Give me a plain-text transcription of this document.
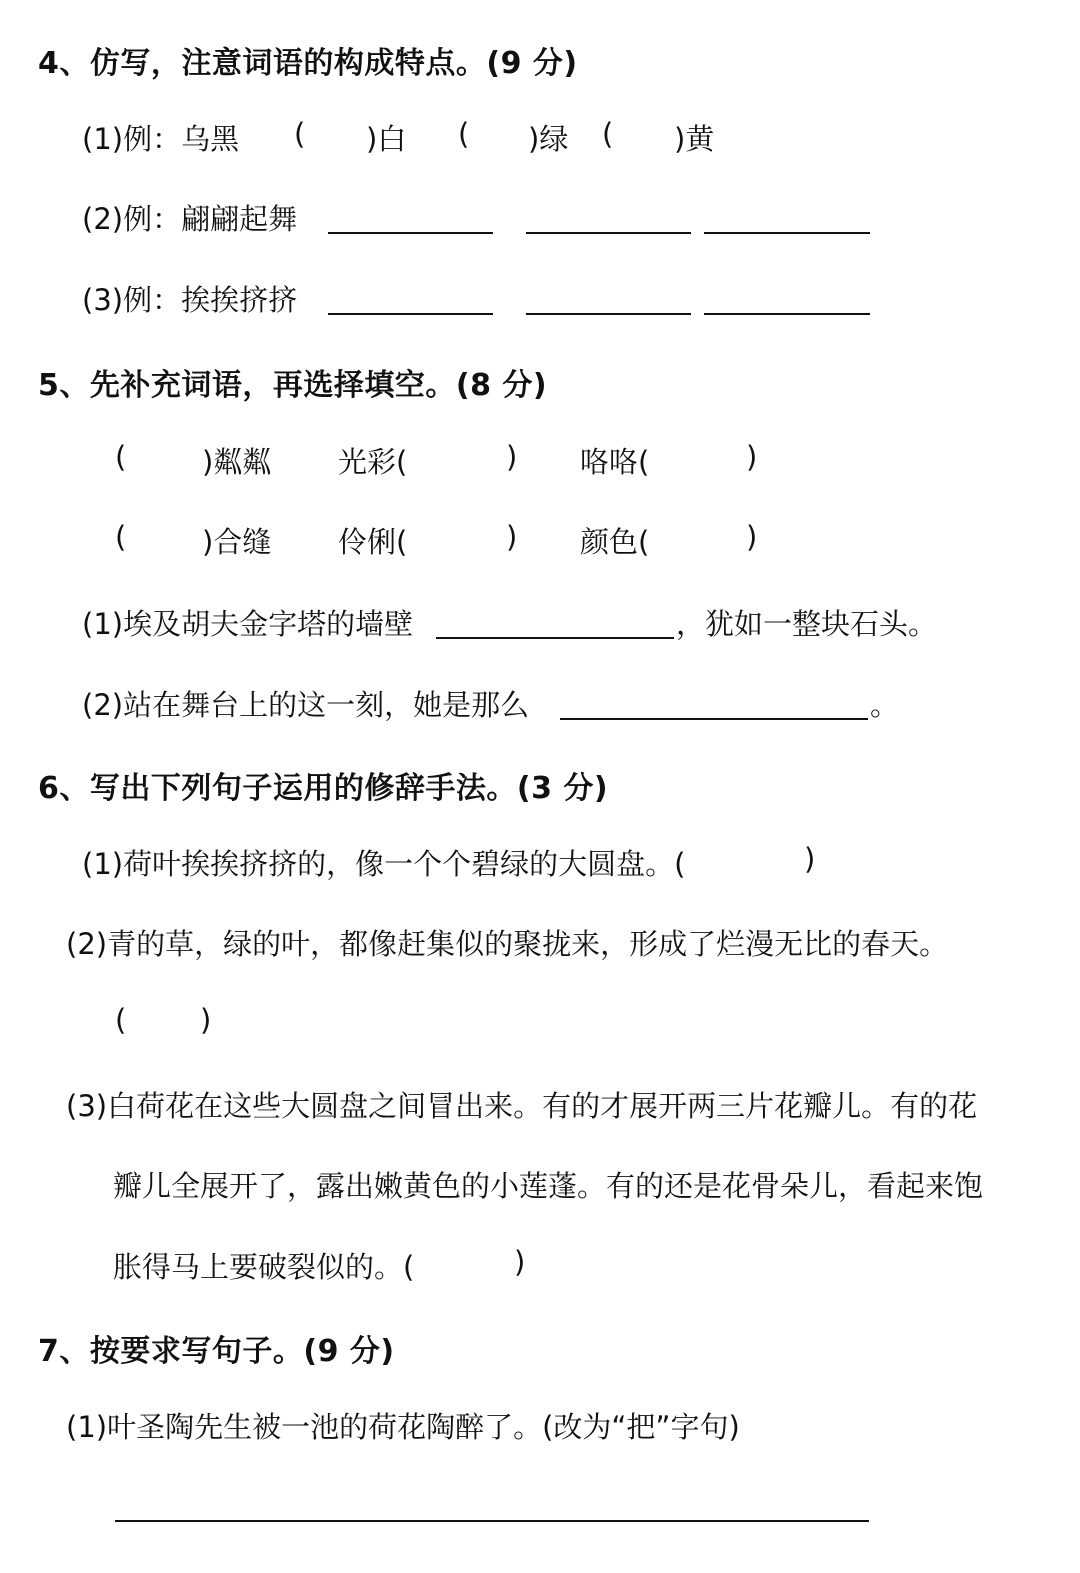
4、仿写，注意词语的构成特点。(9 分)
(1)例：乌黑 ( )白 ( )绿 ( )黄
(2)例：翩翩起舞
(3)例：挨挨挤挤
5、先补充词语，再选择填空。(8 分)
(	)粼粼 光彩(	) 咯咯(	)
(	)合缝 伶俐(	) 颜色(	)
(1)埃及胡夫金字塔的墙壁	，犹如一整块石头。
(2)站在舞台上的这一刻，她是那么	。
6、写出下列句子运用的修辞手法。(3 分)
(1)荷叶挨挨挤挤的，像一个个碧绿的大圆盘。(	)
(2)青的草，绿的叶，都像赶集似的聚拢来，形成了烂漫无比的春天。
(	)
(3)白荷花在这些大圆盘之间冒出来。有的才展开两三片花瓣儿。有的花
瓣儿全展开了，露出嫩黄色的小莲蓬。有的还是花骨朵儿，看起来饱
胀得马上要破裂似的。(	)
7、按要求写句子。(9 分)
(1)叶圣陶先生被一池的荷花陶醉了。(改为“把”字句)
